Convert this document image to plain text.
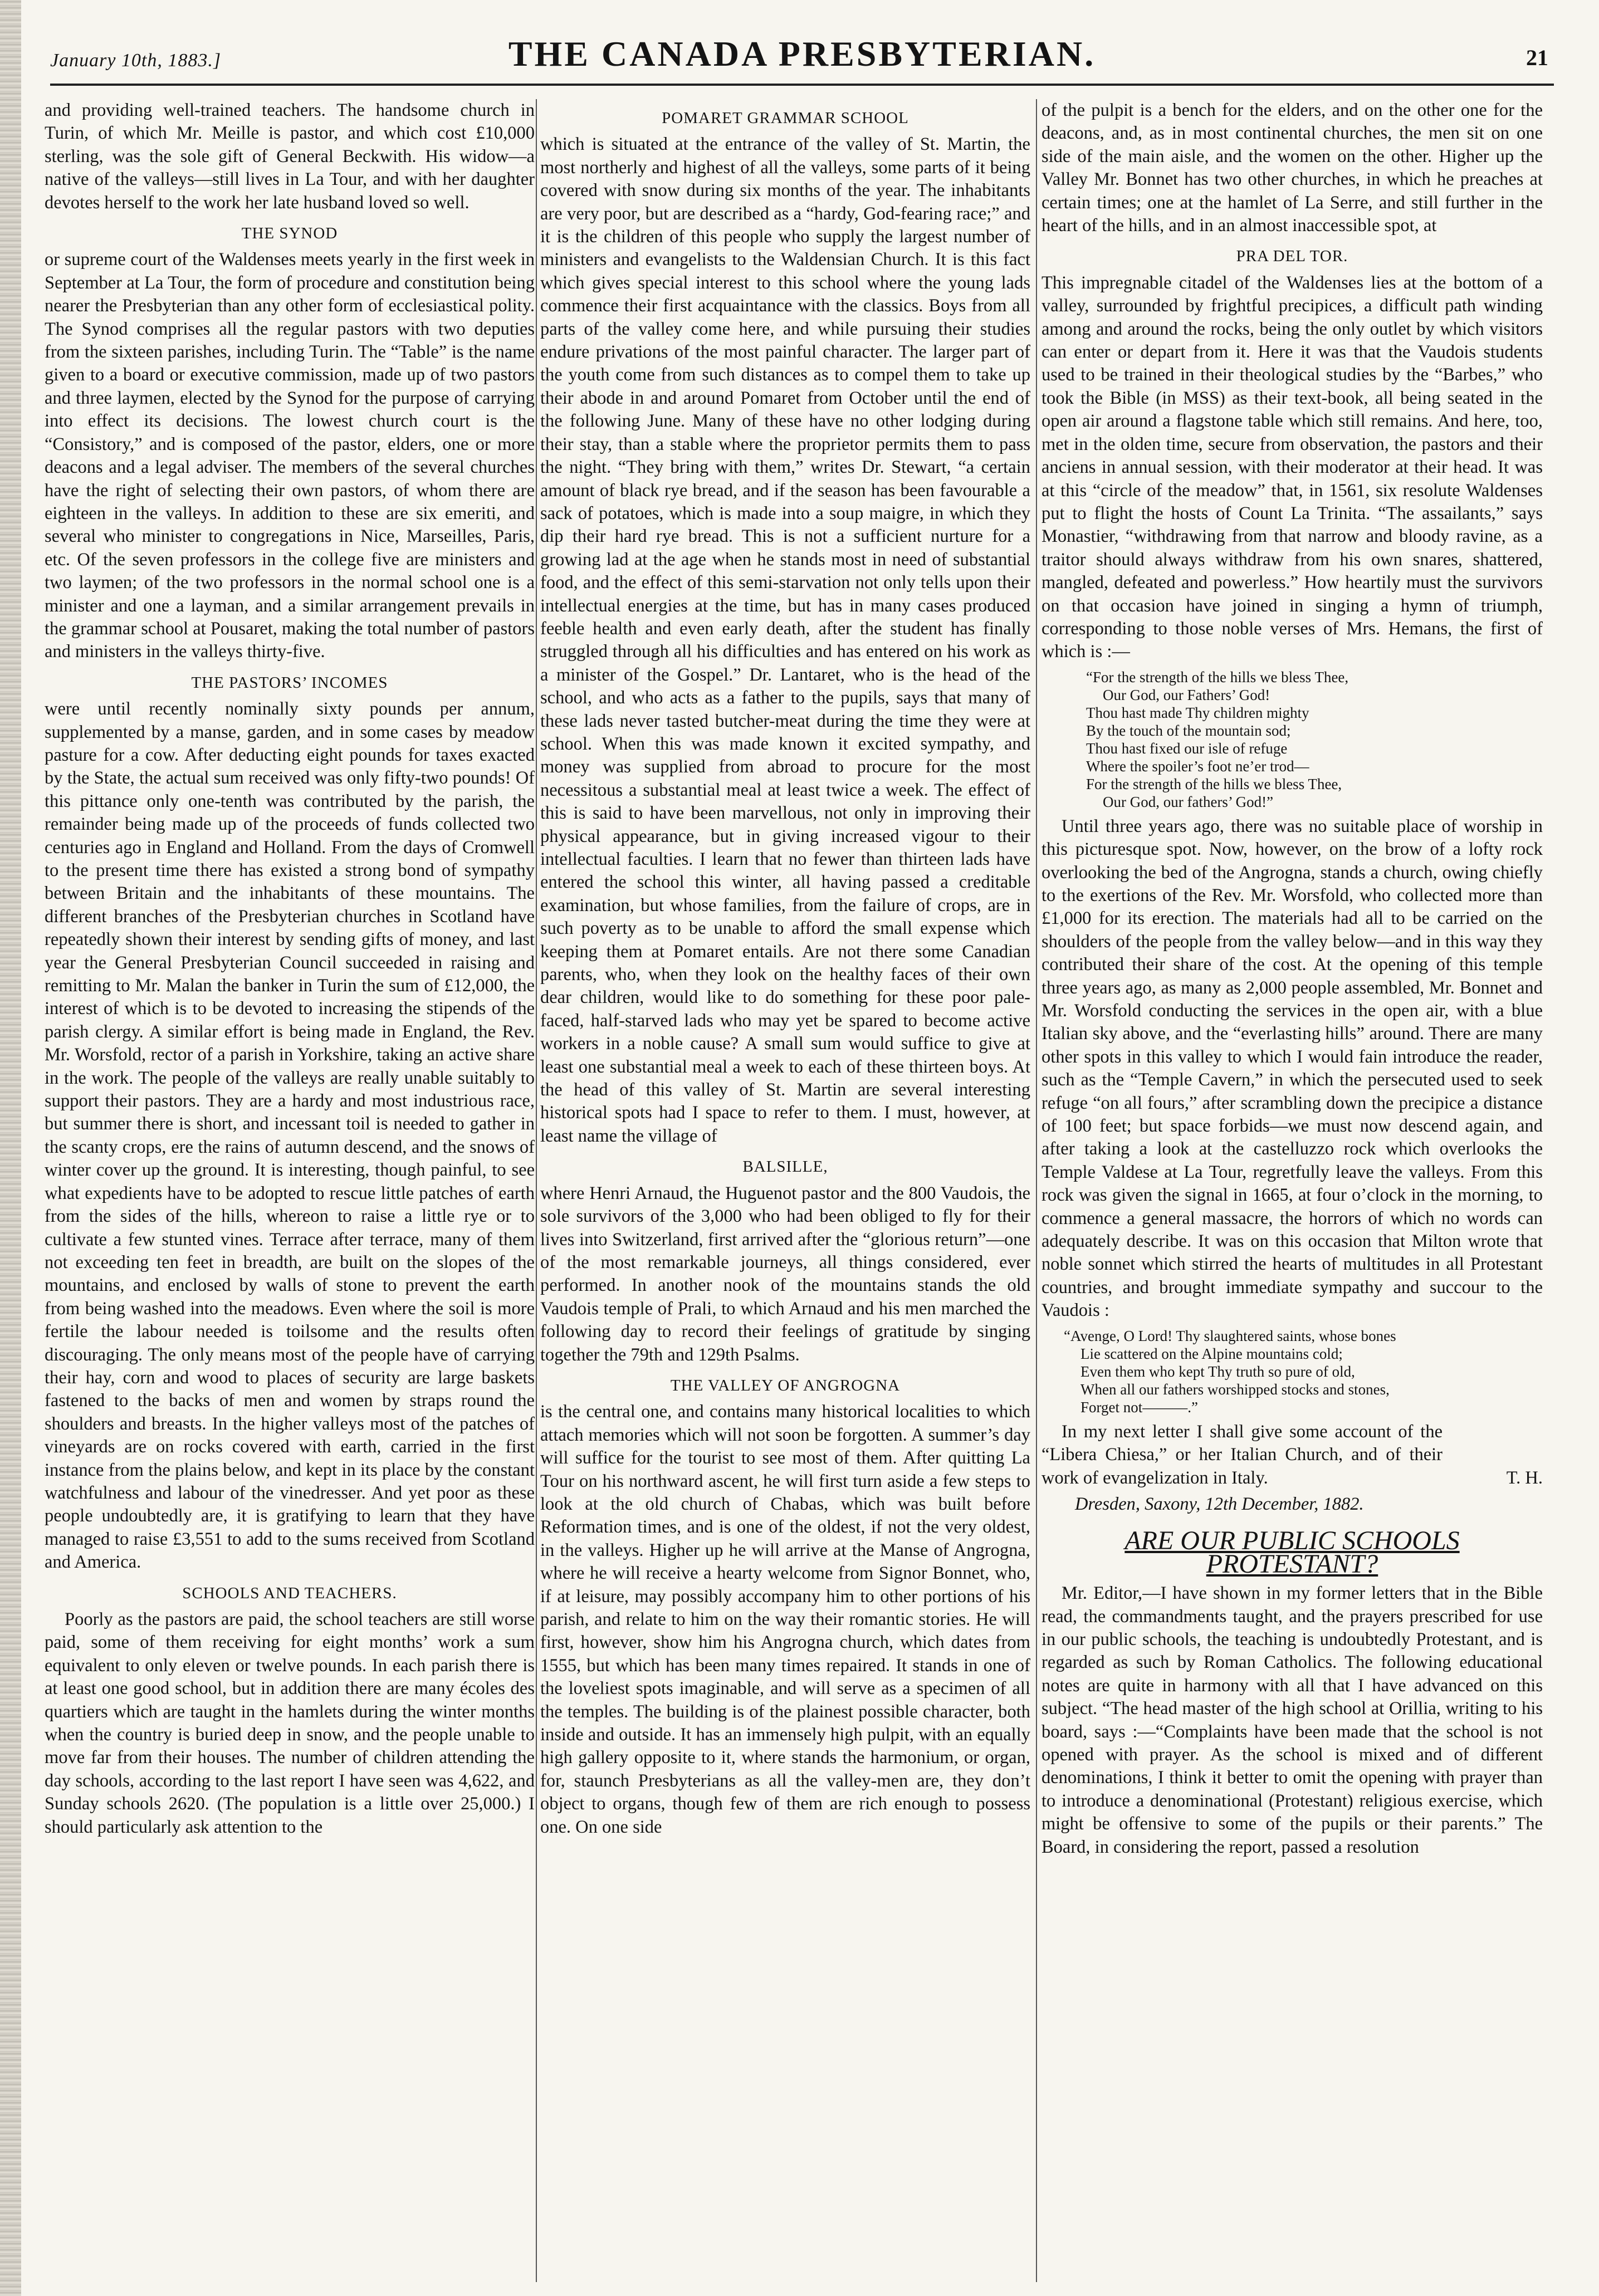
January 10th, 1883.]	THE CANADA PRESBYTERIAN.	21

and providing well-trained teachers. The handsome church in Turin, of which Mr. Meille is pastor, and which cost £10,000 sterling, was the sole gift of General Beckwith. His widow—a native of the valleys—still lives in La Tour, and with her daughter devotes herself to the work her late husband loved so well.

THE SYNOD

or supreme court of the Waldenses meets yearly in the first week in September at La Tour, the form of procedure and constitution being nearer the Presbyterian than any other form of ecclesiastical polity. The Synod comprises all the regular pastors with two deputies from the sixteen parishes, including Turin. The “Table” is the name given to a board or executive commission, made up of two pastors and three laymen, elected by the Synod for the purpose of carrying into effect its decisions. The lowest church court is the “Consistory,” and is composed of the pastor, elders, one or more deacons and a legal adviser. The members of the several churches have the right of selecting their own pastors, of whom there are eighteen in the valleys. In addition to these are six emeriti, and several who minister to congregations in Nice, Marseilles, Paris, etc. Of the seven professors in the college five are ministers and two laymen; of the two professors in the normal school one is a minister and one a layman, and a similar arrangement prevails in the grammar school at Pousaret, making the total number of pastors and ministers in the valleys thirty-five.

THE PASTORS’ INCOMES

were until recently nominally sixty pounds per annum, supplemented by a manse, garden, and in some cases by meadow pasture for a cow. After deducting eight pounds for taxes exacted by the State, the actual sum received was only fifty-two pounds! Of this pittance only one-tenth was contributed by the parish, the remainder being made up of the proceeds of funds collected two centuries ago in England and Holland. From the days of Cromwell to the present time there has existed a strong bond of sympathy between Britain and the inhabitants of these mountains. The different branches of the Presbyterian churches in Scotland have repeatedly shown their interest by sending gifts of money, and last year the General Presbyterian Council succeeded in raising and remitting to Mr. Malan the banker in Turin the sum of £12,000, the interest of which is to be devoted to increasing the stipends of the parish clergy. A similar effort is being made in England, the Rev. Mr. Worsfold, rector of a parish in Yorkshire, taking an active share in the work. The people of the valleys are really unable suitably to support their pastors. They are a hardy and most industrious race, but summer there is short, and incessant toil is needed to gather in the scanty crops, ere the rains of autumn descend, and the snows of winter cover up the ground. It is interesting, though painful, to see what expedients have to be adopted to rescue little patches of earth from the sides of the hills, whereon to raise a little rye or to cultivate a few stunted vines. Terrace after terrace, many of them not exceeding ten feet in breadth, are built on the slopes of the mountains, and enclosed by walls of stone to prevent the earth from being washed into the meadows. Even where the soil is more fertile the labour needed is toilsome and the results often discouraging. The only means most of the people have of carrying their hay, corn and wood to places of security are large baskets fastened to the backs of men and women by straps round the shoulders and breasts. In the higher valleys most of the patches of vineyards are on rocks covered with earth, carried in the first instance from the plains below, and kept in its place by the constant watchfulness and labour of the vinedresser. And yet poor as these people undoubtedly are, it is gratifying to learn that they have managed to raise £3,551 to add to the sums received from Scotland and America.

SCHOOLS AND TEACHERS.

Poorly as the pastors are paid, the school teachers are still worse paid, some of them receiving for eight months’ work a sum equivalent to only eleven or twelve pounds. In each parish there is at least one good school, but in addition there are many écoles des quartiers which are taught in the hamlets during the winter months when the country is buried deep in snow, and the people unable to move far from their houses. The number of children attending the day schools, according to the last report I have seen was 4,622, and Sunday schools 2620. (The population is a little over 25,000.) I should particularly ask attention to the

POMARET GRAMMAR SCHOOL

which is situated at the entrance of the valley of St. Martin, the most northerly and highest of all the valleys, some parts of it being covered with snow during six months of the year. The inhabitants are very poor, but are described as a “hardy, God-fearing race;” and it is the children of this people who supply the largest number of ministers and evangelists to the Waldensian Church. It is this fact which gives special interest to this school where the young lads commence their first acquaintance with the classics. Boys from all parts of the valley come here, and while pursuing their studies endure privations of the most painful character. The larger part of the youth come from such distances as to compel them to take up their abode in and around Pomaret from October until the end of the following June. Many of these have no other lodging during their stay, than a stable where the proprietor permits them to pass the night. “They bring with them,” writes Dr. Stewart, “a certain amount of black rye bread, and if the season has been favourable a sack of potatoes, which is made into a soup maigre, in which they dip their hard rye bread. This is not a sufficient nurture for a growing lad at the age when he stands most in need of substantial food, and the effect of this semi-starvation not only tells upon their intellectual energies at the time, but has in many cases produced feeble health and even early death, after the student has finally struggled through all his difficulties and has entered on his work as a minister of the Gospel.” Dr. Lantaret, who is the head of the school, and who acts as a father to the pupils, says that many of these lads never tasted butcher-meat during the time they were at school. When this was made known it excited sympathy, and money was supplied from abroad to procure for the most necessitous a substantial meal at least twice a week. The effect of this is said to have been marvellous, not only in improving their physical appearance, but in giving increased vigour to their intellectual faculties. I learn that no fewer than thirteen lads have entered the school this winter, all having passed a creditable examination, but whose families, from the failure of crops, are in such poverty as to be unable to afford the small expense which keeping them at Pomaret entails. Are not there some Canadian parents, who, when they look on the healthy faces of their own dear children, would like to do something for these poor pale-faced, half-starved lads who may yet be spared to become active workers in a noble cause? A small sum would suffice to give at least one substantial meal a week to each of these thirteen boys. At the head of this valley of St. Martin are several interesting historical spots had I space to refer to them. I must, however, at least name the village of

BALSILLE,

where Henri Arnaud, the Huguenot pastor and the 800 Vaudois, the sole survivors of the 3,000 who had been obliged to fly for their lives into Switzerland, first arrived after the “glorious return”—one of the most remarkable journeys, all things considered, ever performed. In another nook of the mountains stands the old Vaudois temple of Prali, to which Arnaud and his men marched the following day to record their feelings of gratitude by singing together the 79th and 129th Psalms.

THE VALLEY OF ANGROGNA

is the central one, and contains many historical localities to which attach memories which will not soon be forgotten. A summer’s day will suffice for the tourist to see most of them. After quitting La Tour on his northward ascent, he will first turn aside a few steps to look at the old church of Chabas, which was built before Reformation times, and is one of the oldest, if not the very oldest, in the valleys. Higher up he will arrive at the Manse of Angrogna, where he will receive a hearty welcome from Signor Bonnet, who, if at leisure, may possibly accompany him to other portions of his parish, and relate to him on the way their romantic stories. He will first, however, show him his Angrogna church, which dates from 1555, but which has been many times repaired. It stands in one of the loveliest spots imaginable, and will serve as a specimen of all the temples. The building is of the plainest possible character, both inside and outside. It has an immensely high pulpit, with an equally high gallery opposite to it, where stands the harmonium, or organ, for, staunch Presbyterians as all the valley-men are, they don’t object to organs, though few of them are rich enough to possess one. On one side

of the pulpit is a bench for the elders, and on the other one for the deacons, and, as in most continental churches, the men sit on one side of the main aisle, and the women on the other. Higher up the Valley Mr. Bonnet has two other churches, in which he preaches at certain times; one at the hamlet of La Serre, and still further in the heart of the hills, and in an almost inaccessible spot, at

PRA DEL TOR.

This impregnable citadel of the Waldenses lies at the bottom of a valley, surrounded by frightful precipices, a difficult path winding among and around the rocks, being the only outlet by which visitors can enter or depart from it. Here it was that the Vaudois students used to be trained in their theological studies by the “Barbes,” who took the Bible (in MSS) as their text-book, all being seated in the open air around a flagstone table which still remains. And here, too, met in the olden time, secure from observation, the pastors and their anciens in annual session, with their moderator at their head. It was at this “circle of the meadow” that, in 1561, six resolute Waldenses put to flight the hosts of Count La Trinita. “The assailants,” says Monastier, “withdrawing from that narrow and bloody ravine, as a traitor should always withdraw from his own snares, shattered, mangled, defeated and powerless.” How heartily must the survivors on that occasion have joined in singing a hymn of triumph, corresponding to those noble verses of Mrs. Hemans, the first of which is :—

“For the strength of the hills we bless Thee,
Our God, our Fathers’ God!
Thou hast made Thy children mighty
By the touch of the mountain sod;
Thou hast fixed our isle of refuge
Where the spoiler’s foot ne’er trod—
For the strength of the hills we bless Thee,
Our God, our fathers’ God!”

Until three years ago, there was no suitable place of worship in this picturesque spot. Now, however, on the brow of a lofty rock overlooking the bed of the Angrogna, stands a church, owing chiefly to the exertions of the Rev. Mr. Worsfold, who collected more than £1,000 for its erection. The materials had all to be carried on the shoulders of the people from the valley below—and in this way they contributed their share of the cost. At the opening of this temple three years ago, as many as 2,000 people assembled, Mr. Bonnet and Mr. Worsfold conducting the services in the open air, with a blue Italian sky above, and the “everlasting hills” around. There are many other spots in this valley to which I would fain introduce the reader, such as the “Temple Cavern,” in which the persecuted used to seek refuge “on all fours,” after scrambling down the precipice a distance of 100 feet; but space forbids—we must now descend again, and after taking a look at the castelluzzo rock which overlooks the Temple Valdese at La Tour, regretfully leave the valleys. From this rock was given the signal in 1665, at four o’clock in the morning, to commence a general massacre, the horrors of which no words can adequately describe. It was on this occasion that Milton wrote that noble sonnet which stirred the hearts of multitudes in all Protestant countries, and brought immediate sympathy and succour to the Vaudois :

“Avenge, O Lord! Thy slaughtered saints, whose bones
Lie scattered on the Alpine mountains cold;
Even them who kept Thy truth so pure of old,
When all our fathers worshipped stocks and stones,
Forget not———.”
In my next letter I shall give some account of the “Libera Chiesa,” or her Italian Church, and of their work of evangelization in Italy.	T. H.
Dresden, Saxony, 12th December, 1882.
ARE OUR PUBLIC SCHOOLS PROTESTANT?

Mr. Editor,—I have shown in my former letters that in the Bible read, the commandments taught, and the prayers prescribed for use in our public schools, the teaching is undoubtedly Protestant, and is regarded as such by Roman Catholics. The following educational notes are quite in harmony with all that I have advanced on this subject. “The head master of the high school at Orillia, writing to his board, says :—“Complaints have been made that the school is not opened with prayer. As the school is mixed and of different denominations, I think it better to omit the opening with prayer than to introduce a denominational (Protestant) religious exercise, which might be offensive to some of the pupils or their parents.” The Board, in considering the report, passed a resolution
